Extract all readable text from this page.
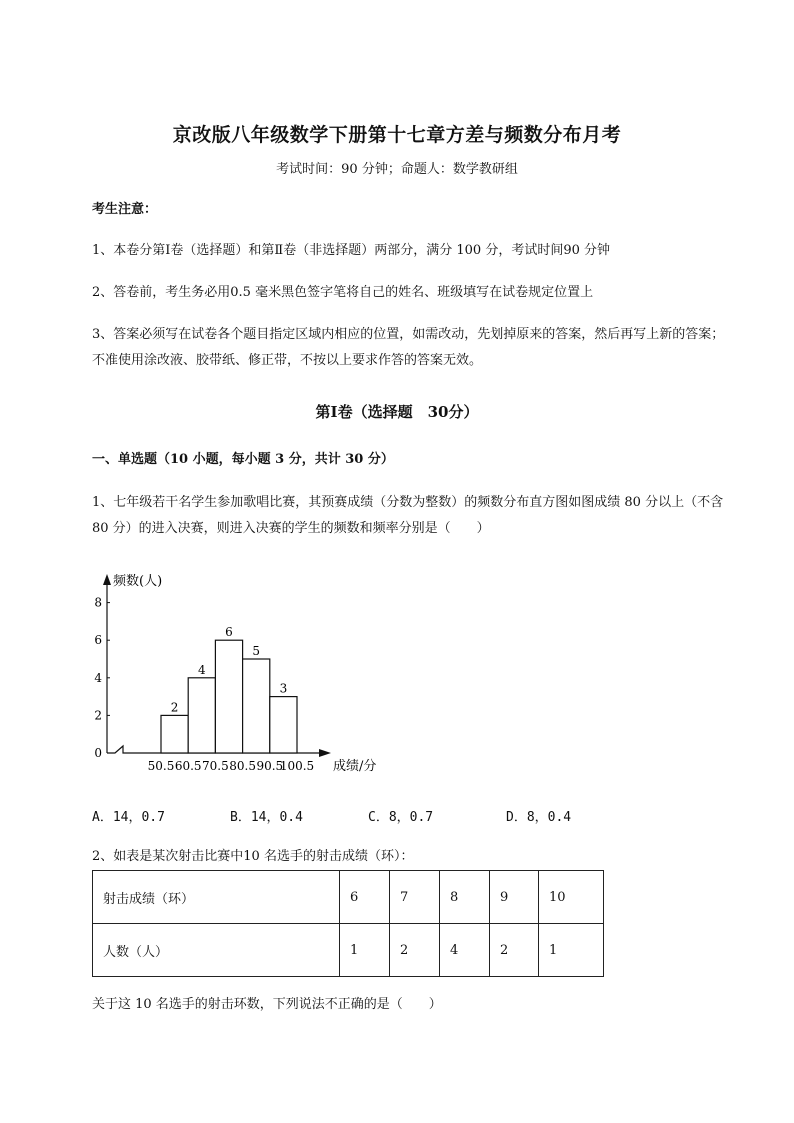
京改版八年级数学下册第十七章方差与频数分布月考
考试时间：90 分钟；命题人：数学教研组
考生注意：
1、本卷分第Ⅰ卷（选择题）和第Ⅱ卷（非选择题）两部分，满分 100 分，考试时间90 分钟
2、答卷前，考生务必用0.5 毫米黑色签字笔将自己的姓名、班级填写在试卷规定位置上
3、答案必须写在试卷各个题目指定区域内相应的位置，如需改动，先划掉原来的答案，然后再写上新的答案；不准使用涂改液、胶带纸、修正带，不按以上要求作答的答案无效。
第Ⅰ卷（选择题　30分）
一、单选题（10 小题，每小题 3 分，共计 30 分）
1、七年级若干名学生参加歌唱比赛，其预赛成绩（分数为整数）的频数分布直方图如图成绩 80 分以上（不含 80 分）的进入决赛，则进入决赛的学生的频数和频率分别是（　　）
0
2
4
6
8
频数(人)
2
4
6
5
3
50.5 60.5 70.5 80.5 90.5
100.5 成绩/分
A．14，0.7	B．14，0.4	C．8，0.7	D．8，0.4
2、如表是某次射击比赛中10 名选手的射击成绩（环）：
射击成绩（环）	6	7	8	9	10
人数（人）	1	2	4	2	1
关于这 10 名选手的射击环数，下列说法不正确的是（　　）
